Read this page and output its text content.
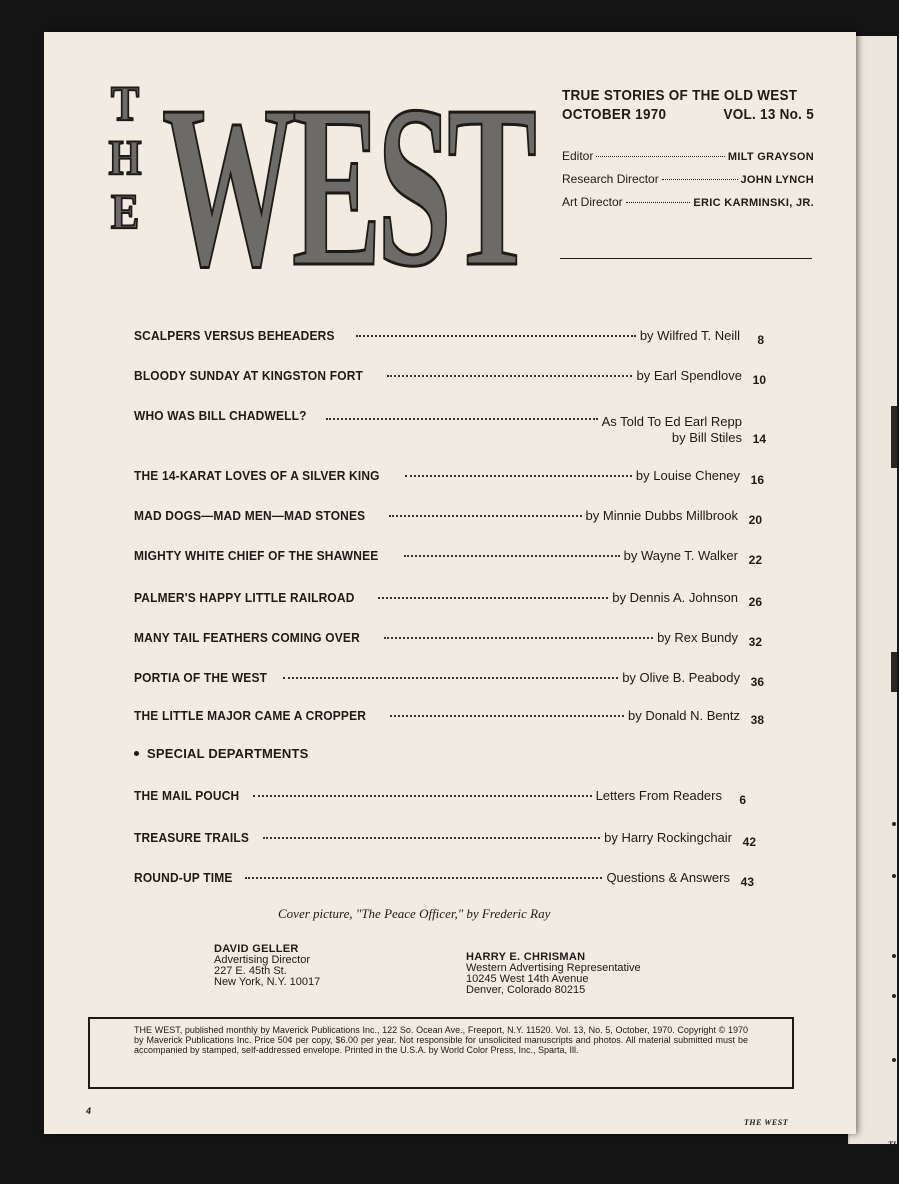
TH
T
H
E WEST TRUE STORIES OF THE OLD WEST
OCTOBER 1970	VOL. 13 No. 5
Editor	MILT GRAYSON
Research Director	JOHN LYNCH
Art Director	ERIC KARMINSKI, JR.
SCALPERS VERSUS BEHEADERS	by Wilfred T. Neill	8
BLOODY SUNDAY AT KINGSTON FORT	by Earl Spendlove 10
WHO WAS BILL CHADWELL?	As Told To Ed Earl Repp
by Bill Stiles 14
THE 14-KARAT LOVES OF A SILVER KING	by Louise Cheney 16
MAD DOGS—MAD MEN—MAD STONES	by Minnie Dubbs Millbrook 20
MIGHTY WHITE CHIEF OF THE SHAWNEE	by Wayne T. Walker 22
PALMER'S HAPPY LITTLE RAILROAD	by Dennis A. Johnson 26
MANY TAIL FEATHERS COMING OVER	by Rex Bundy 32
PORTIA OF THE WEST	by Olive B. Peabody 36
THE LITTLE MAJOR CAME A CROPPER	by Donald N. Bentz 38
SPECIAL DEPARTMENTS
THE MAIL POUCH	Letters From Readers	6
TREASURE TRAILS	by Harry Rockingchair 42
ROUND-UP TIME	Questions & Answers 43
Cover picture, "The Peace Officer," by Frederic Ray
DAVID GELLER
Advertising Director
227 E. 45th St.
New York, N.Y. 10017
HARRY E. CHRISMAN
Western Advertising Representative
10245 West 14th Avenue
Denver, Colorado 80215

THE WEST, published monthly by Maverick Publications Inc., 122 So. Ocean Ave., Freeport, N.Y. 11520. Vol. 13, No. 5, October, 1970. Copyright © 1970 by Maverick Publications Inc. Price 50¢ per copy, $6.00 per year. Not responsible for unsolicited manuscripts and photos. All material submitted must be accompanied by stamped, self-addressed envelope. Printed in the U.S.A. by World Color Press, Inc., Sparta, Ill.

4
THE WEST
